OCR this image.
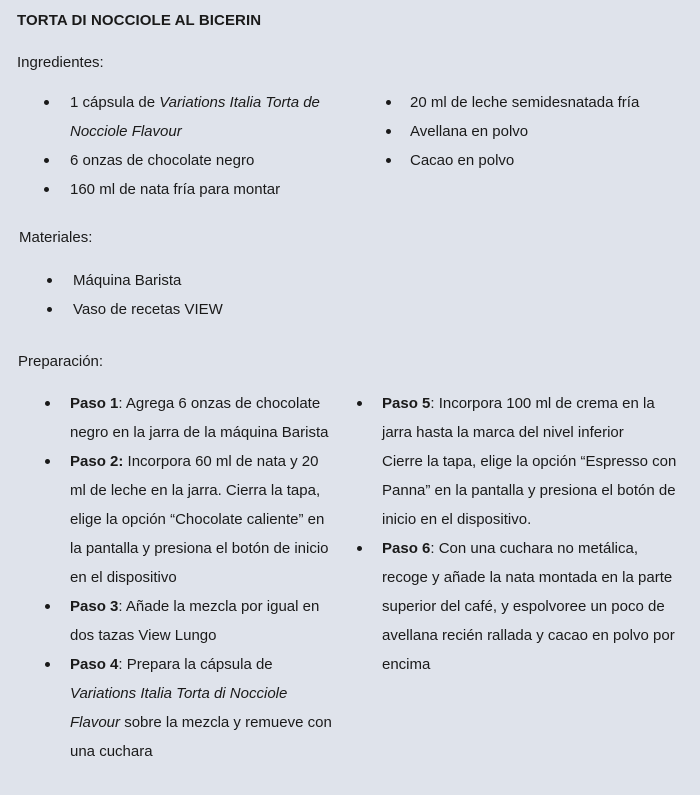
TORTA DI NOCCIOLE AL BICERIN
Ingredientes:
1 cápsula de Variations Italia Torta de Nocciole Flavour
6 onzas de chocolate negro
160 ml de nata fría para montar
20 ml de leche semidesnatada fría
Avellana en polvo
Cacao en polvo
Materiales:
Máquina Barista
Vaso de recetas VIEW
Preparación:
Paso 1: Agrega 6 onzas de chocolate negro en la jarra de la máquina Barista
Paso 2: Incorpora 60 ml de nata y 20 ml de leche en la jarra. Cierra la tapa, elige la opción “Chocolate caliente” en la pantalla y presiona el botón de inicio en el dispositivo
Paso 3: Añade la mezcla por igual en dos tazas View Lungo
Paso 4: Prepara la cápsula de Variations Italia Torta di Nocciole Flavour sobre la mezcla y remueve con una cuchara
Paso 5: Incorpora 100 ml de crema en la jarra hasta la marca del nivel inferior
Cierre la tapa, elige la opción “Espresso con Panna” en la pantalla y presiona el botón de inicio en el dispositivo.
Paso 6: Con una cuchara no metálica, recoge y añade la nata montada en la parte superior del café, y espolvoree un poco de avellana recién rallada y cacao en polvo por encima
